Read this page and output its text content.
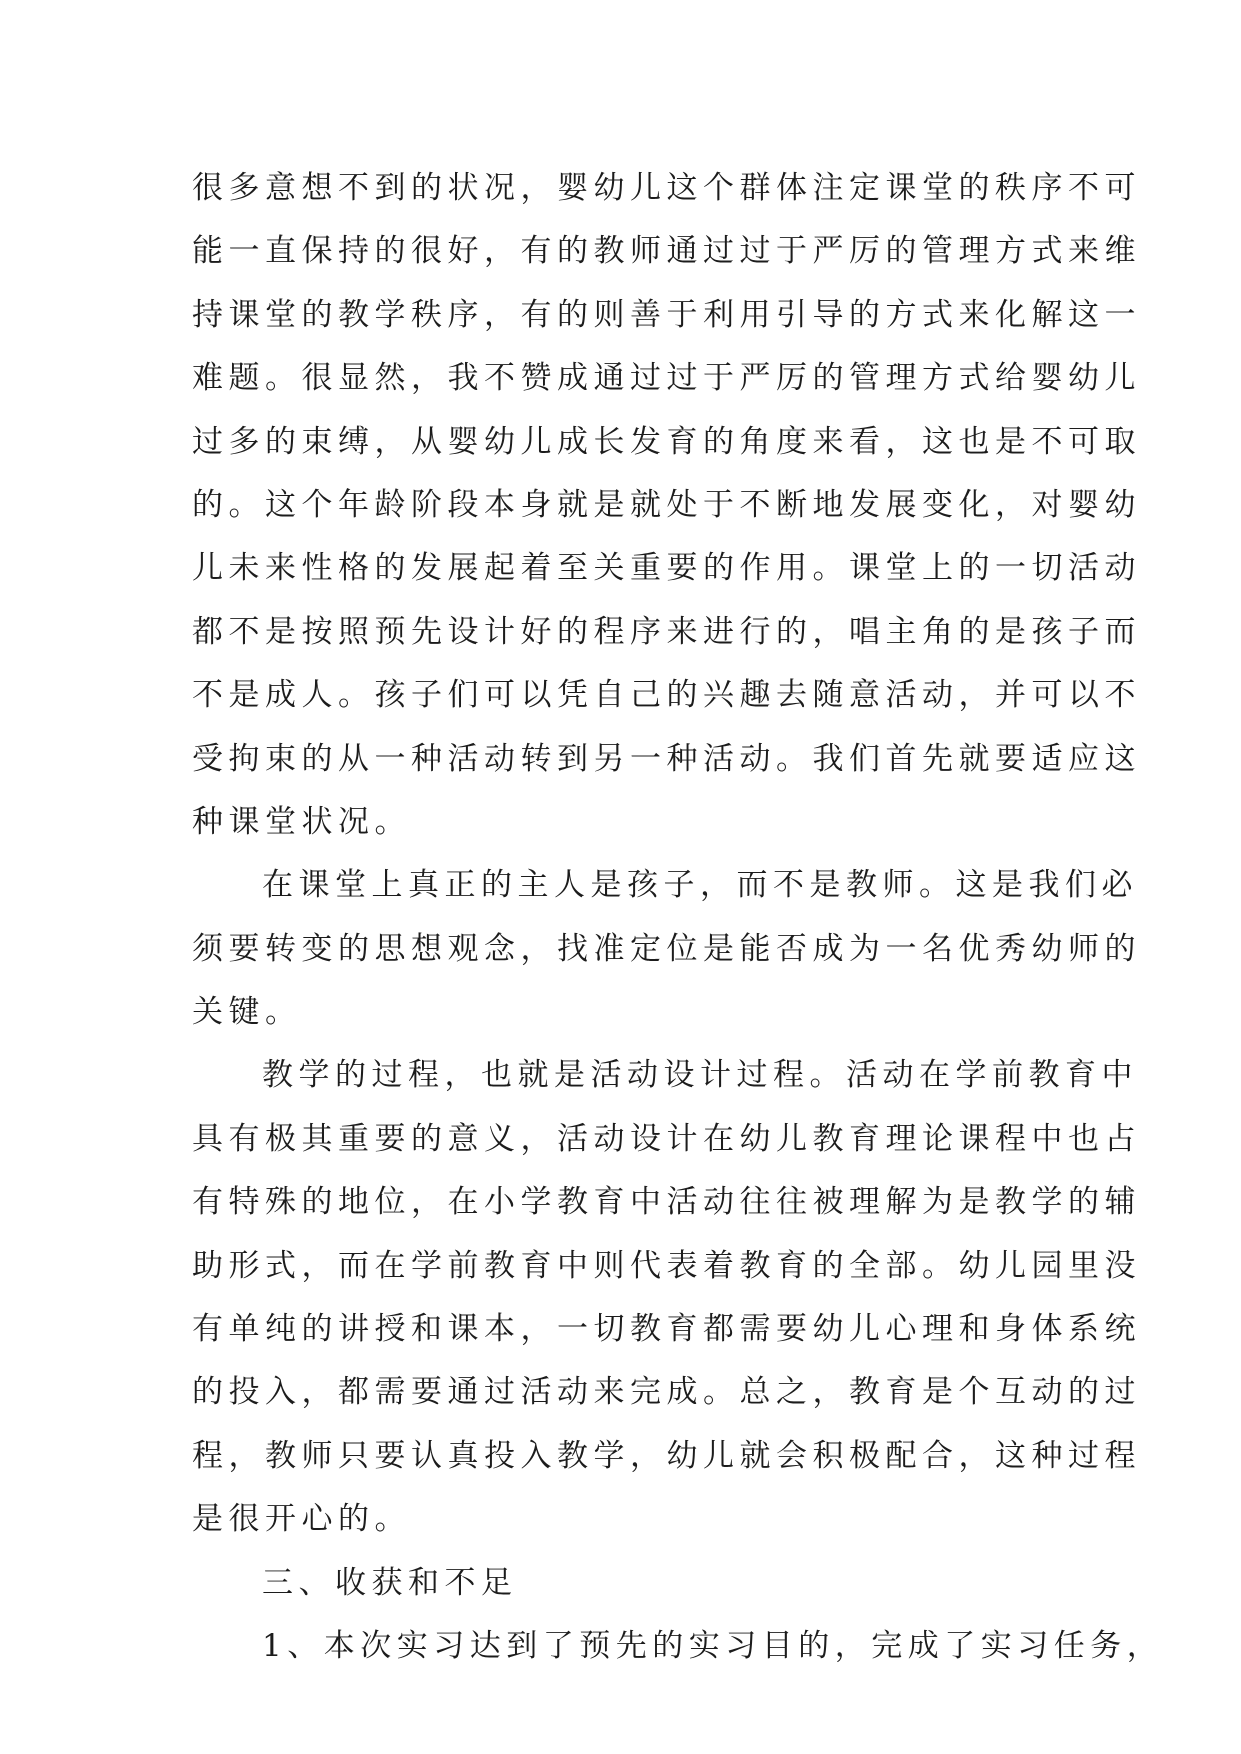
很多意想不到的状况，婴幼儿这个群体注定课堂的秩序不可
能一直保持的很好，有的教师通过过于严厉的管理方式来维
持课堂的教学秩序，有的则善于利用引导的方式来化解这一
难题。很显然，我不赞成通过过于严厉的管理方式给婴幼儿
过多的束缚，从婴幼儿成长发育的角度来看，这也是不可取
的。这个年龄阶段本身就是就处于不断地发展变化，对婴幼
儿未来性格的发展起着至关重要的作用。课堂上的一切活动
都不是按照预先设计好的程序来进行的，唱主角的是孩子而
不是成人。孩子们可以凭自己的兴趣去随意活动，并可以不
受拘束的从一种活动转到另一种活动。我们首先就要适应这
种课堂状况。
在课堂上真正的主人是孩子，而不是教师。这是我们必
须要转变的思想观念，找准定位是能否成为一名优秀幼师的
关键。
教学的过程，也就是活动设计过程。活动在学前教育中
具有极其重要的意义，活动设计在幼儿教育理论课程中也占
有特殊的地位，在小学教育中活动往往被理解为是教学的辅
助形式，而在学前教育中则代表着教育的全部。幼儿园里没
有单纯的讲授和课本，一切教育都需要幼儿心理和身体系统
的投入，都需要通过活动来完成。总之，教育是个互动的过
程，教师只要认真投入教学，幼儿就会积极配合，这种过程
是很开心的。
三、收获和不足
1、本次实习达到了预先的实习目的，完成了实习任务，
